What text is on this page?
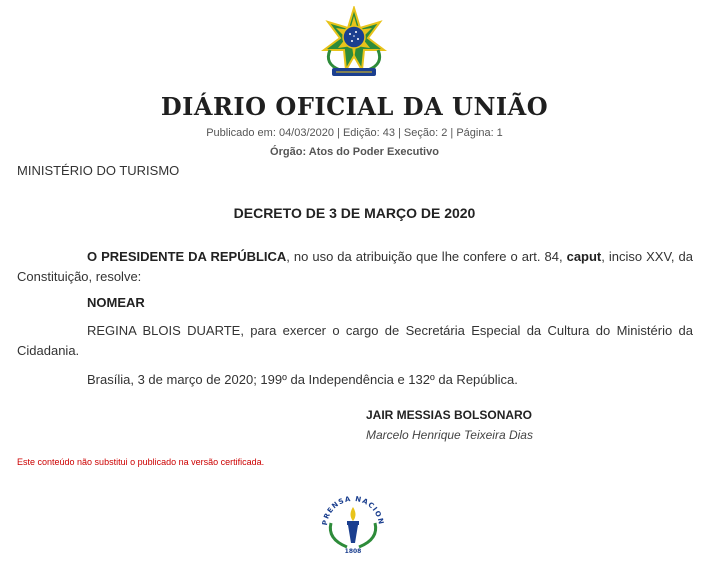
DIÁRIO OFICIAL DA UNIÃO
Publicado em: 04/03/2020 | Edição: 43 | Seção: 2 | Página: 1
Órgão: Atos do Poder Executivo
MINISTÉRIO DO TURISMO
DECRETO DE 3 DE MARÇO DE 2020
O PRESIDENTE DA REPÚBLICA, no uso da atribuição que lhe confere o art. 84, caput, inciso XXV, da Constituição, resolve:
NOMEAR
REGINA BLOIS DUARTE, para exercer o cargo de Secretária Especial da Cultura do Ministério da Cidadania.
Brasília, 3 de março de 2020; 199º da Independência e 132º da República.
JAIR MESSIAS BOLSONARO
Marcelo Henrique Teixeira Dias
Este conteúdo não substitui o publicado na versão certificada.
PRENSA NACION
1808
